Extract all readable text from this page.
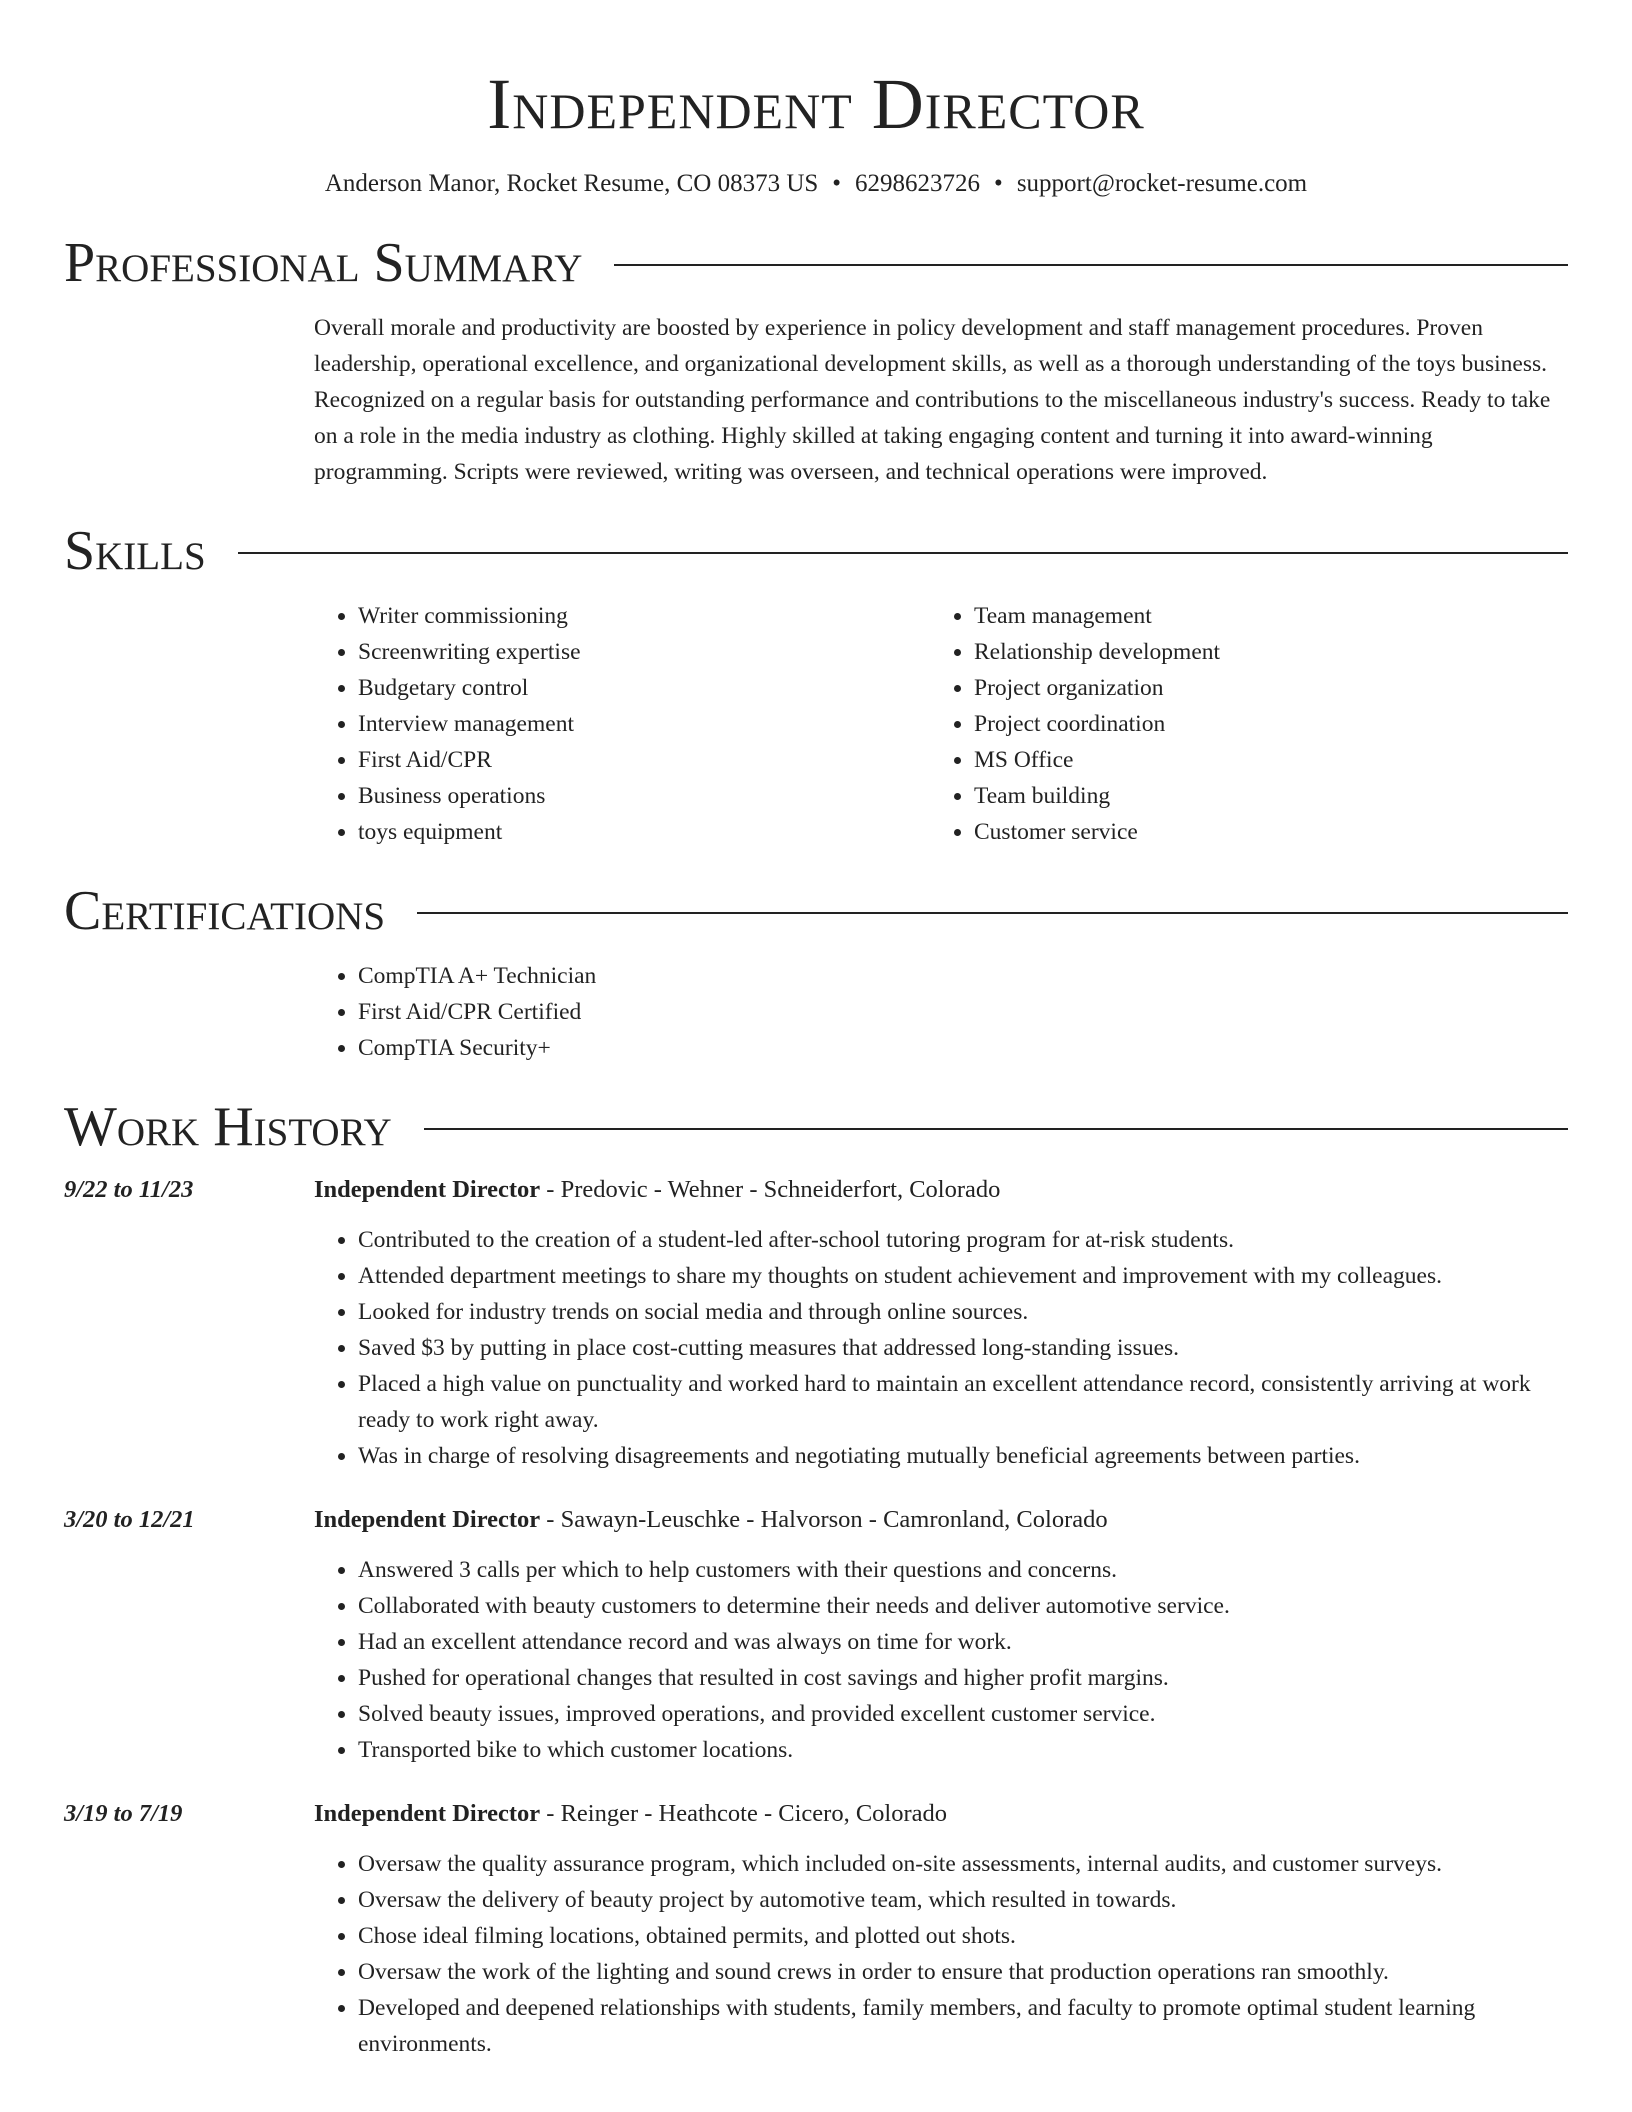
Independent Director
Anderson Manor, Rocket Resume, CO 08373 US • 6298623726 • support@rocket-resume.com
Professional Summary

Overall morale and productivity are boosted by experience in policy development and staff management procedures. Proven leadership, operational excellence, and organizational development skills, as well as a thorough understanding of the toys business. Recognized on a regular basis for outstanding performance and contributions to the miscellaneous industry's success. Ready to take on a role in the media industry as clothing. Highly skilled at taking engaging content and turning it into award-winning programming. Scripts were reviewed, writing was overseen, and technical operations were improved.

Skills
• Writer commissioning
• Screenwriting expertise
• Budgetary control
• Interview management
• First Aid/CPR
• Business operations
• toys equipment
• Team management
• Relationship development
• Project organization
• Project coordination
• MS Office
• Team building
• Customer service
Certifications
• CompTIA A+ Technician
• First Aid/CPR Certified
• CompTIA Security+
Work History
9/22 to 11/23	Independent Director - Predovic - Wehner - Schneiderfort, Colorado
• Contributed to the creation of a student-led after-school tutoring program for at-risk students.
• Attended department meetings to share my thoughts on student achievement and improvement with my colleagues.
• Looked for industry trends on social media and through online sources.
• Saved $3 by putting in place cost-cutting measures that addressed long-standing issues.
• Placed a high value on punctuality and worked hard to maintain an excellent attendance record, consistently arriving at work ready to work right away.
• Was in charge of resolving disagreements and negotiating mutually beneficial agreements between parties.
3/20 to 12/21	Independent Director - Sawayn-Leuschke - Halvorson - Camronland, Colorado
• Answered 3 calls per which to help customers with their questions and concerns.
• Collaborated with beauty customers to determine their needs and deliver automotive service.
• Had an excellent attendance record and was always on time for work.
• Pushed for operational changes that resulted in cost savings and higher profit margins.
• Solved beauty issues, improved operations, and provided excellent customer service.
• Transported bike to which customer locations.
3/19 to 7/19	Independent Director - Reinger - Heathcote - Cicero, Colorado
• Oversaw the quality assurance program, which included on-site assessments, internal audits, and customer surveys.
• Oversaw the delivery of beauty project by automotive team, which resulted in towards.
• Chose ideal filming locations, obtained permits, and plotted out shots.
• Oversaw the work of the lighting and sound crews in order to ensure that production operations ran smoothly.
• Developed and deepened relationships with students, family members, and faculty to promote optimal student learning environments.
